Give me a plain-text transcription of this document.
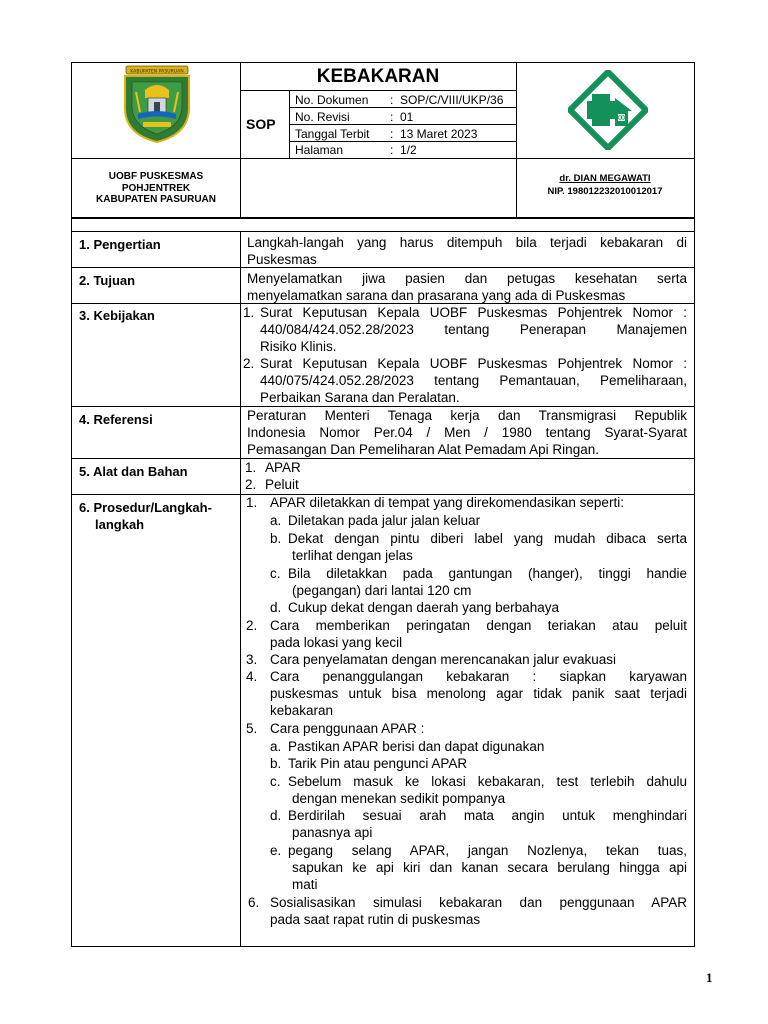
KABUPATEN PASURUAN	KEBAKARAN
SOP
No. Dokumen : SOP/C/VIII/UKP/36
No. Revisi	: 01
Tanggal Terbit : 13 Maret 2023
Halaman	: 1/2
UOBF PUSKESMAS
POHJENTREK
KABUPATEN PASURUAN
dr. DIAN MEGAWATI
NIP. 198012232010012017
1. Pengertian	Langkah-langah yang harus ditempuh bila terjadi kebakaran di
Puskesmas
2. Tujuan	Menyelamatkan jiwa pasien dan petugas kesehatan serta
menyelamatkan sarana dan prasarana yang ada di Puskesmas
3. Kebijakan	1. Surat Keputusan Kepala UOBF Puskesmas Pohjentrek Nomor :
440/084/424.052.28/2023 tentang Penerapan Manajemen
Risiko Klinis.
2. Surat Keputusan Kepala UOBF Puskesmas Pohjentrek Nomor :
440/075/424.052.28/2023 tentang Pemantauan, Pemeliharaan,
Perbaikan Sarana dan Peralatan.
4. Referensi	Peraturan Menteri Tenaga kerja dan Transmigrasi Republik
Indonesia Nomor Per.04 / Men / 1980 tentang Syarat-Syarat
Pemasangan Dan Pemeliharan Alat Pemadam Api Ringan.
5. Alat dan Bahan	1. APAR
2. Peluit
6. Prosedur/Langkah-
langkah
1. APAR diletakkan di tempat yang direkomendasikan seperti:
a. Diletakan pada jalur jalan keluar
b. Dekat dengan pintu diberi label yang mudah dibaca serta
terlihat dengan jelas
c. Bila diletakkan pada gantungan (hanger), tinggi handie
(pegangan) dari lantai 120 cm
d. Cukup dekat dengan daerah yang berbahaya
2. Cara memberikan peringatan dengan teriakan atau peluit
pada lokasi yang kecil
3. Cara penyelamatan dengan merencanakan jalur evakuasi
4. Cara penanggulangan kebakaran : siapkan karyawan
puskesmas untuk bisa menolong agar tidak panik saat terjadi
kebakaran
5. Cara penggunaan APAR :
a. Pastikan APAR berisi dan dapat digunakan
b. Tarik Pin atau pengunci APAR
c. Sebelum masuk ke lokasi kebakaran, test terlebih dahulu
dengan menekan sedikit pompanya
d. Berdirilah sesuai arah mata angin untuk menghindari
panasnya api
e. pegang selang APAR, jangan Nozlenya, tekan tuas,
sapukan ke api kiri dan kanan secara berulang hingga api
mati
6. Sosialisasikan simulasi kebakaran dan penggunaan APAR
pada saat rapat rutin di puskesmas
1
